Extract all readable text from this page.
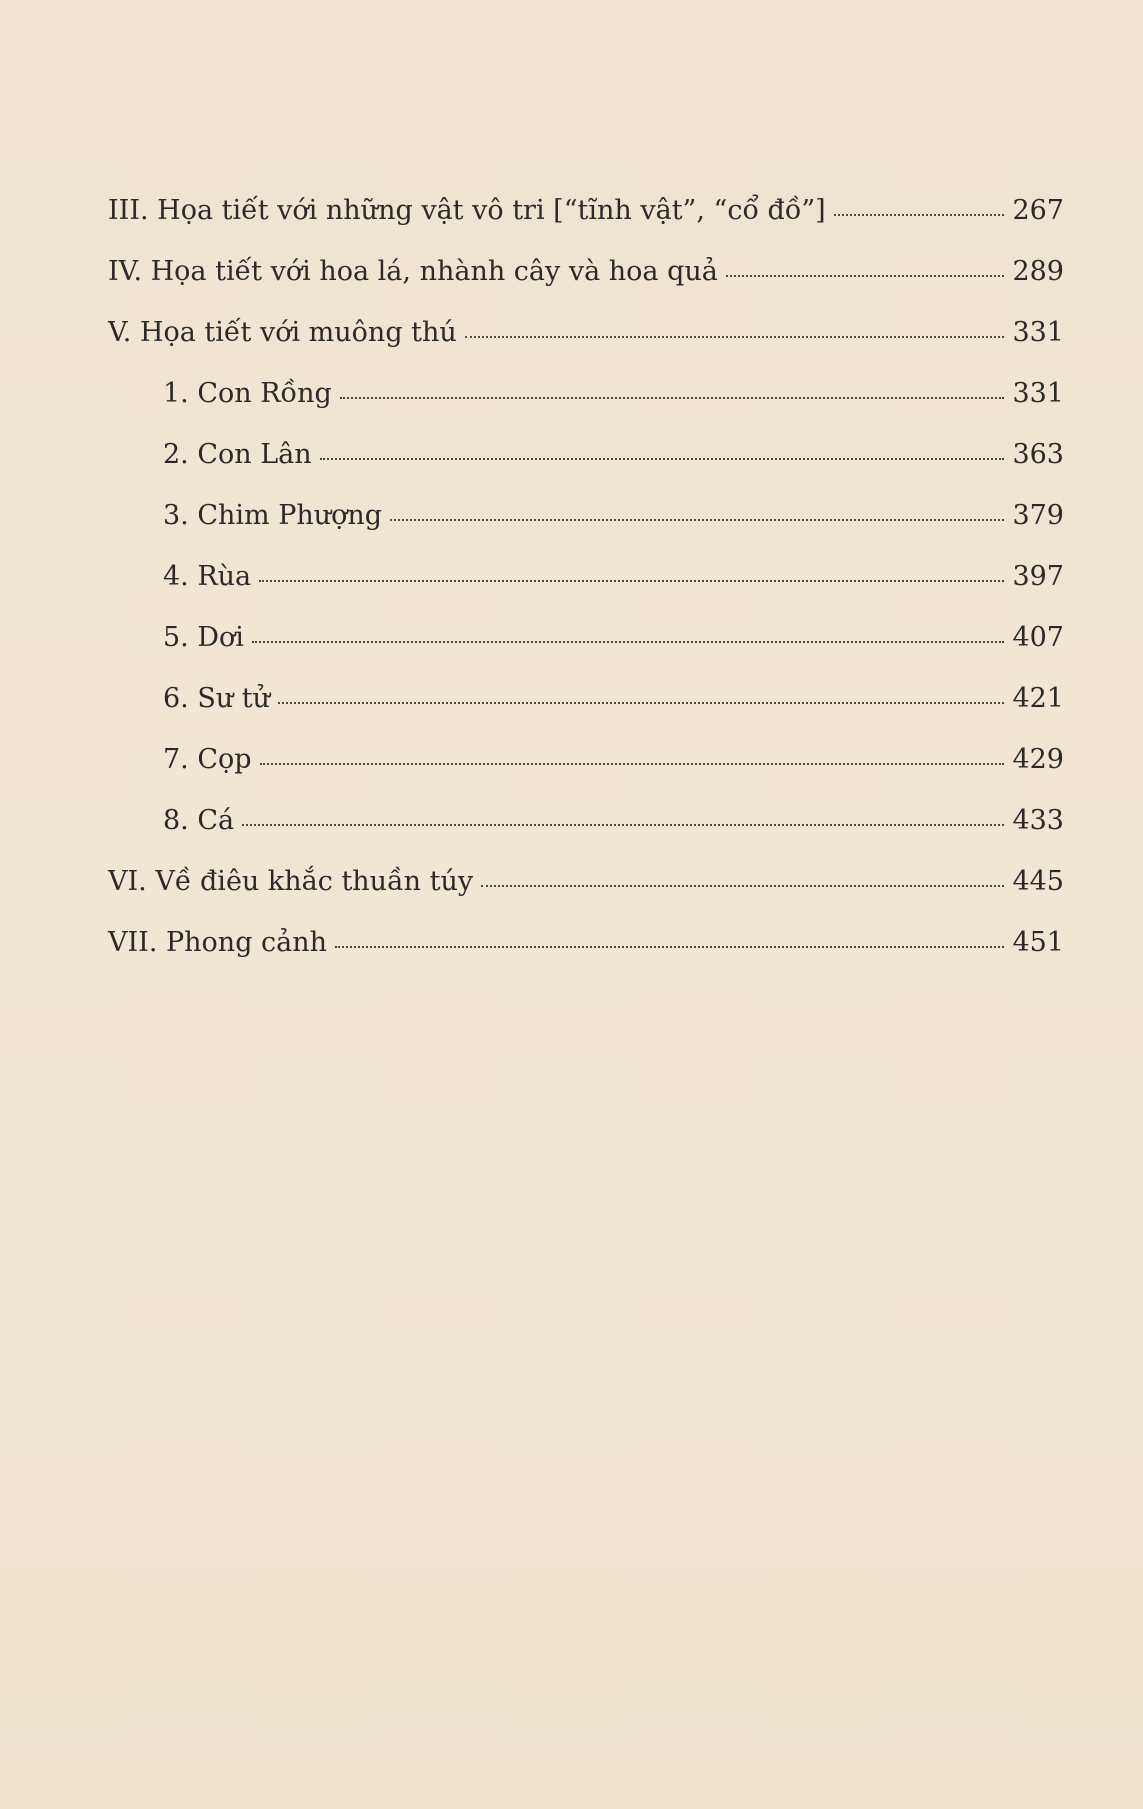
III. Họa tiết với những vật vô tri [“tĩnh vật”, “cổ đồ”]	267
IV. Họa tiết với hoa lá, nhành cây và hoa quả	289
V. Họa tiết với muông thú	331
1. Con Rồng	331
2. Con Lân	363
3. Chim Phượng	379
4. Rùa	397
5. Dơi	407
6. Sư tử	421
7. Cọp	429
8. Cá	433
VI. Về điêu khắc thuần túy	445
VII. Phong cảnh	451
